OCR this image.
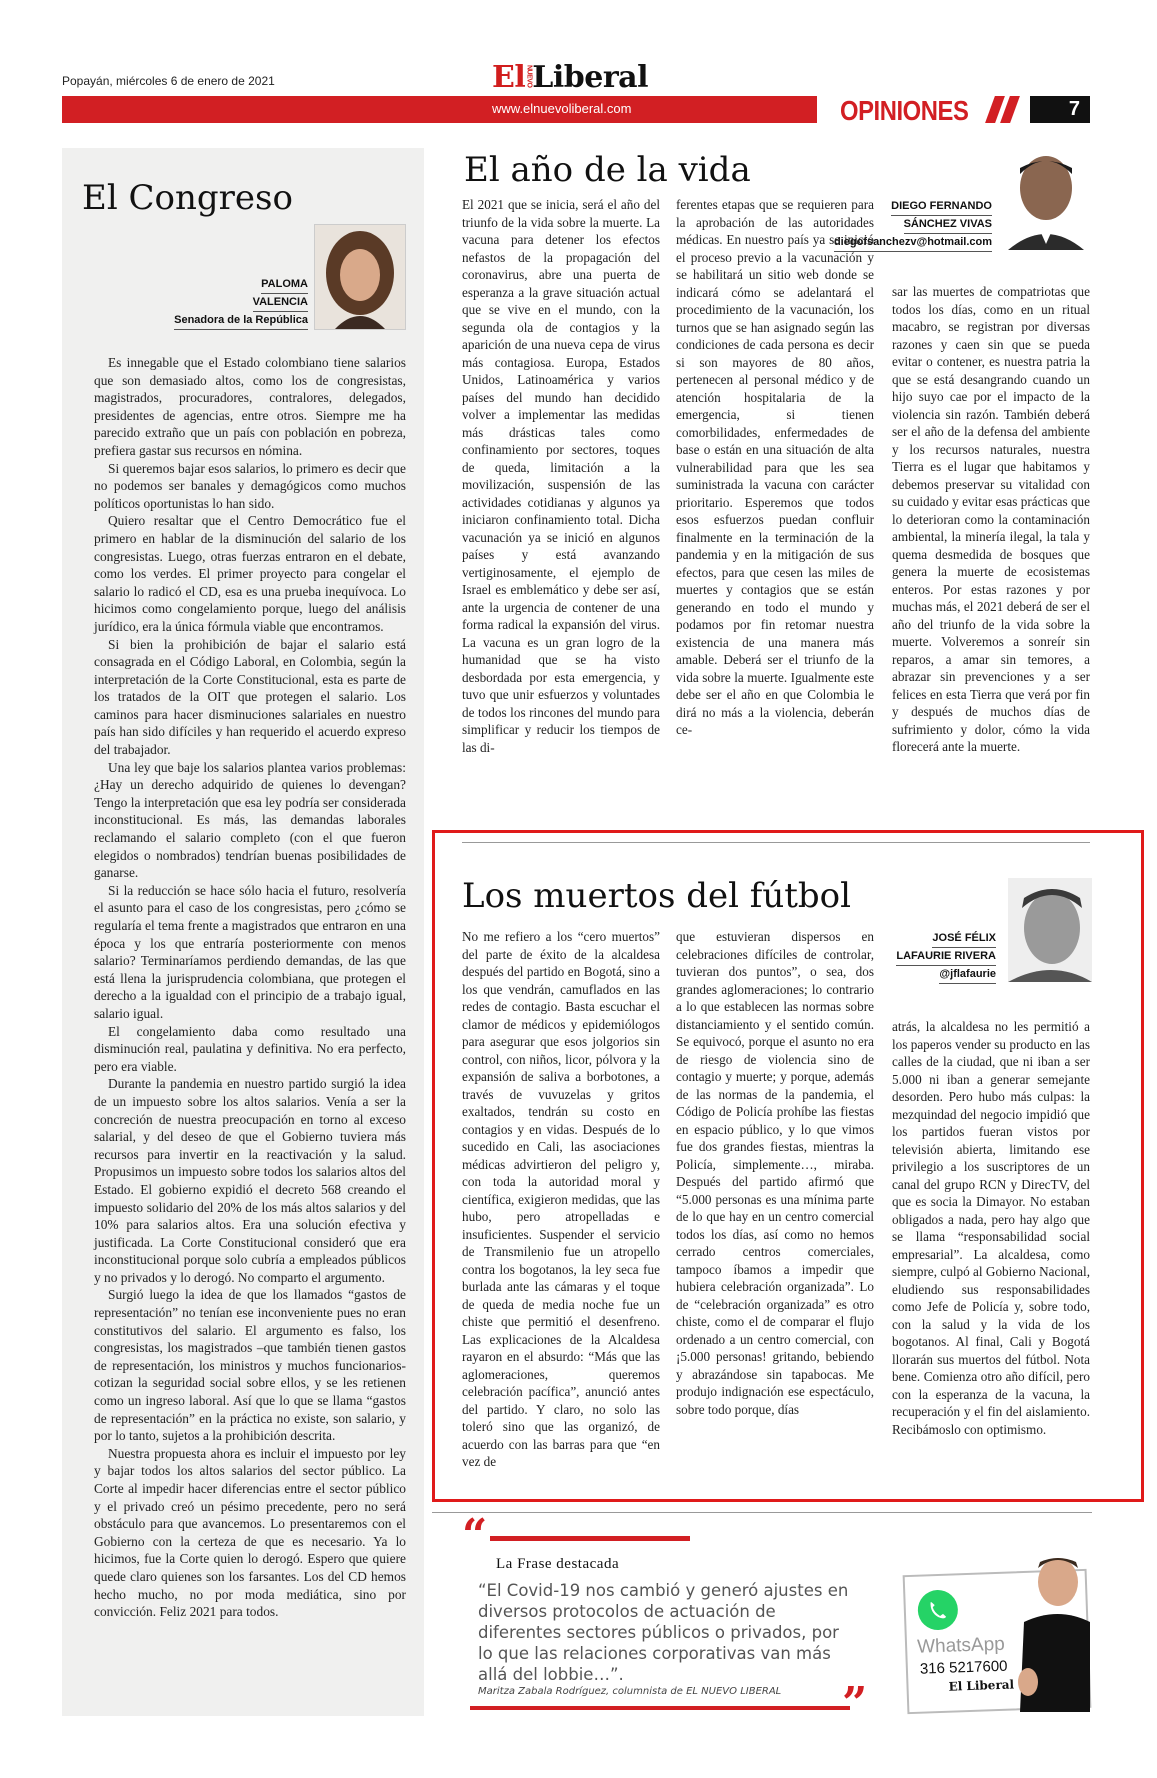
Popayán, miércoles 6 de enero de 2021	ElNUEVOLiberal
www.elnuevoliberal.com	OPINIONES	7
El Congreso
PALOMA
VALENCIA
Senadora de la República

Es innegable que el Estado colombiano tiene salarios que son demasiado altos, como los de congresistas, magistrados, procuradores, contralores, delegados, presidentes de agencias, entre otros. Siempre me ha parecido extraño que un país con población en pobreza, prefiera gastar sus recursos en nómina.

Si queremos bajar esos salarios, lo primero es decir que no podemos ser banales y demagógicos como muchos políticos oportunistas lo han sido.

Quiero resaltar que el Centro Democrático fue el primero en hablar de la disminución del salario de los congresistas. Luego, otras fuerzas entraron en el debate, como los verdes. El primer proyecto para congelar el salario lo radicó el CD, esa es una prueba inequívoca. Lo hicimos como congelamiento porque, luego del análisis jurídico, era la única fórmula viable que encontramos.

Si bien la prohibición de bajar el salario está consagrada en el Código Laboral, en Colombia, según la interpretación de la Corte Constitucional, esta es parte de los tratados de la OIT que protegen el salario. Los caminos para hacer disminuciones salariales en nuestro país han sido difíciles y han requerido el acuerdo expreso del trabajador.

Una ley que baje los salarios plantea varios problemas: ¿Hay un derecho adquirido de quienes lo devengan? Tengo la interpretación que esa ley podría ser considerada inconstitucional. Es más, las demandas laborales reclamando el salario completo (con el que fueron elegidos o nombrados) tendrían buenas posibilidades de ganarse.

Si la reducción se hace sólo hacia el futuro, resolvería el asunto para el caso de los congresistas, pero ¿cómo se regularía el tema frente a magistrados que entraron en una época y los que entraría posteriormente con menos salario? Terminaríamos perdiendo demandas, de las que está llena la jurisprudencia colombiana, que protegen el derecho a la igualdad con el principio de a trabajo igual, salario igual.

El congelamiento daba como resultado una disminución real, paulatina y definitiva. No era perfecto, pero era viable.

Durante la pandemia en nuestro partido surgió la idea de un impuesto sobre los altos salarios. Venía a ser la concreción de nuestra preocupación en torno al exceso salarial, y del deseo de que el Gobierno tuviera más recursos para invertir en la reactivación y la salud. Propusimos un impuesto sobre todos los salarios altos del Estado. El gobierno expidió el decreto 568 creando el impuesto solidario del 20% de los más altos salarios y del 10% para salarios altos. Era una solución efectiva y justificada. La Corte Constitucional consideró que era inconstitucional porque solo cubría a empleados públicos y no privados y lo derogó. No comparto el argumento.

Surgió luego la idea de que los llamados “gastos de representación” no tenían ese inconveniente pues no eran constitutivos del salario. El argumento es falso, los congresistas, los magistrados –que también tienen gastos de representación, los ministros y muchos funcionarios- cotizan la seguridad social sobre ellos, y se les retienen como un ingreso laboral. Así que lo que se llama “gastos de representación” en la práctica no existe, son salario, y por lo tanto, sujetos a la prohibición descrita.

Nuestra propuesta ahora es incluir el impuesto por ley y bajar todos los altos salarios del sector público. La Corte al impedir hacer diferencias entre el sector público y el privado creó un pésimo precedente, pero no será obstáculo para que avancemos. Lo presentaremos con el Gobierno con la certeza de que es necesario. Ya lo hicimos, fue la Corte quien lo derogó. Espero que quiere quede claro quienes son los farsantes. Los del CD hemos hecho mucho, no por moda mediática, sino por convicción. Feliz 2021 para todos.

El año de la vida
DIEGO FERNANDO
SÁNCHEZ VIVAS
diegofsanchezv@hotmail.com
El 2021 que se inicia, será el año del triunfo de la vida sobre la muerte. La vacuna para detener los efectos nefastos de la propagación del coronavirus, abre una puerta de esperanza a la grave situación actual que se vive en el mundo, con la segunda ola de contagios y la aparición de una nueva cepa de virus más contagiosa. Europa, Estados Unidos, Latinoamérica y varios países del mundo han decidido volver a implementar las medidas más drásticas tales como confinamiento por sectores, toques de queda, limitación a la movilización, suspensión de las actividades cotidianas y algunos ya iniciaron confinamiento total. Dicha vacunación ya se inició en algunos países y está avanzando vertiginosamente, el ejemplo de Israel es emblemático y debe ser así, ante la urgencia de contener de una forma radical la expansión del virus. La vacuna es un gran logro de la humanidad que se ha visto desbordada por esta emergencia, y tuvo que unir esfuerzos y voluntades de todos los rincones del mundo para simplificar y reducir los tiempos de las di-
ferentes etapas que se requieren para la aprobación de las autoridades médicas. En nuestro país ya se inició el proceso previo a la vacunación y se habilitará un sitio web donde se indicará cómo se adelantará el procedimiento de la vacunación, los turnos que se han asignado según las condiciones de cada persona es decir si son mayores de 80 años, pertenecen al personal médico y de atención hospitalaria de la emergencia, si tienen comorbilidades, enfermedades de base o están en una situación de alta vulnerabilidad para que les sea suministrada la vacuna con carácter prioritario. Esperemos que todos esos esfuerzos puedan confluir finalmente en la terminación de la pandemia y en la mitigación de sus efectos, para que cesen las miles de muertes y contagios que se están generando en todo el mundo y podamos por fin retomar nuestra existencia de una manera más amable. Deberá ser el triunfo de la vida sobre la muerte. Igualmente este debe ser el año en que Colombia le dirá no más a la violencia, deberán ce-
sar las muertes de compatriotas que todos los días, como en un ritual macabro, se registran por diversas razones y caen sin que se pueda evitar o contener, es nuestra patria la que se está desangrando cuando un hijo suyo cae por el impacto de la violencia sin razón. También deberá ser el año de la defensa del ambiente y los recursos naturales, nuestra Tierra es el lugar que habitamos y debemos preservar su vitalidad con su cuidado y evitar esas prácticas que lo deterioran como la contaminación ambiental, la minería ilegal, la tala y quema desmedida de bosques que genera la muerte de ecosistemas enteros. Por estas razones y por muchas más, el 2021 deberá de ser el año del triunfo de la vida sobre la muerte. Volveremos a sonreír sin reparos, a amar sin temores, a abrazar sin prevenciones y a ser felices en esta Tierra que verá por fin y después de muchos días de sufrimiento y dolor, cómo la vida florecerá ante la muerte.
Los muertos del fútbol
JOSÉ FÉLIX
LAFAURIE RIVERA
@jflafaurie
No me refiero a los “cero muertos” del parte de éxito de la alcaldesa después del partido en Bogotá, sino a los que vendrán, camuflados en las redes de contagio. Basta escuchar el clamor de médicos y epidemiólogos para asegurar que esos jolgorios sin control, con niños, licor, pólvora y la expansión de saliva a borbotones, a través de vuvuzelas y gritos exaltados, tendrán su costo en contagios y en vidas. Después de lo sucedido en Cali, las asociaciones médicas advirtieron del peligro y, con toda la autoridad moral y científica, exigieron medidas, que las hubo, pero atropelladas e insuficientes. Suspender el servicio de Transmilenio fue un atropello contra los bogotanos, la ley seca fue burlada ante las cámaras y el toque de queda de media noche fue un chiste que permitió el desenfreno. Las explicaciones de la Alcaldesa rayaron en el absurdo: “Más que las aglomeraciones, queremos celebración pacífica”, anunció antes del partido. Y claro, no solo las toleró sino que las organizó, de acuerdo con las barras para que “en vez de
que estuvieran dispersos en celebraciones difíciles de controlar, tuvieran dos puntos”, o sea, dos grandes aglomeraciones; lo contrario a lo que establecen las normas sobre distanciamiento y el sentido común. Se equivocó, porque el asunto no era de riesgo de violencia sino de contagio y muerte; y porque, además de las normas de la pandemia, el Código de Policía prohíbe las fiestas en espacio público, y lo que vimos fue dos grandes fiestas, mientras la Policía, simplemente…, miraba. Después del partido afirmó que “5.000 personas es una mínima parte de lo que hay en un centro comercial todos los días, así como no hemos cerrado centros comerciales, tampoco íbamos a impedir que hubiera celebración organizada”. Lo de “celebración organizada” es otro chiste, como el de comparar el flujo ordenado a un centro comercial, con ¡5.000 personas! gritando, bebiendo y abrazándose sin tapabocas. Me produjo indignación ese espectáculo, sobre todo porque, días
atrás, la alcaldesa no les permitió a los paperos vender su producto en las calles de la ciudad, que ni iban a ser 5.000 ni iban a generar semejante desorden. Pero hubo más culpas: la mezquindad del negocio impidió que los partidos fueran vistos por televisión abierta, limitando ese privilegio a los suscriptores de un canal del grupo RCN y DirecTV, del que es socia la Dimayor. No estaban obligados a nada, pero hay algo que se llama “responsabilidad social empresarial”. La alcaldesa, como siempre, culpó al Gobierno Nacional, eludiendo sus responsabilidades como Jefe de Policía y, sobre todo, con la salud y la vida de los bogotanos. Al final, Cali y Bogotá llorarán sus muertos del fútbol. Nota bene. Comienza otro año difícil, pero con la esperanza de la vacuna, la recuperación y el fin del aislamiento. Recibámoslo con optimismo.
“
La Frase destacada
“El Covid-19 nos cambió y generó ajustes en diversos protocolos de actuación de diferentes sectores públicos o privados, por lo que las relaciones corporativas van más allá del lobbie…”.
Maritza Zabala Rodríguez, columnista de EL NUEVO LIBERAL	”
WhatsApp
316 5217600
El Liberal
